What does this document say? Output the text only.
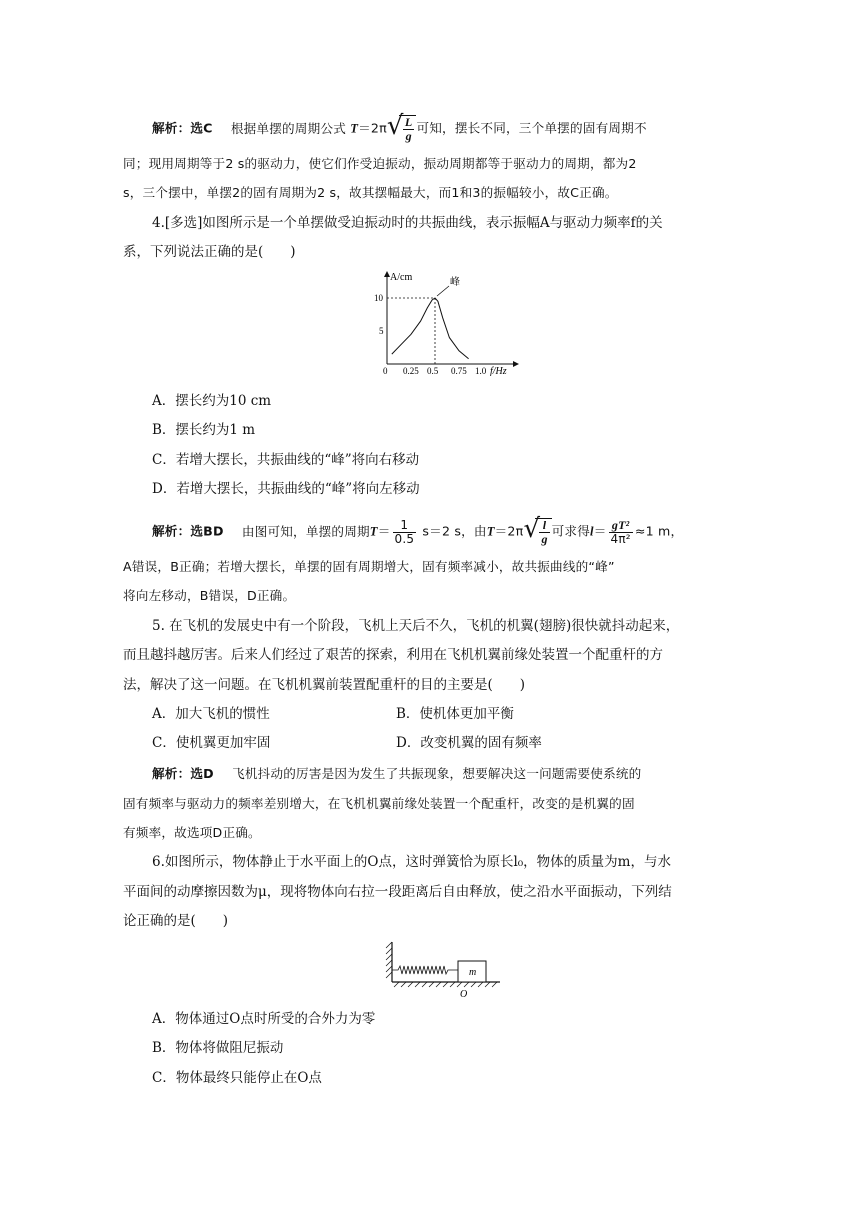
解析：选C 根据单摆的周期公式 T＝2π √ $\frac{L}{g}$ 可知，摆长不同，三个单摆的固有周期不
同；现用周期等于2 s的驱动力，使它们作受迫振动，振动周期都等于驱动力的周期，都为2
s，三个摆中，单摆2的固有周期为2 s，故其摆幅最大，而1和3的振幅较小，故C正确。
4.[多选]如图所示是一个单摆做受迫振动时的共振曲线，表示振幅A与驱动力频率f的关
系，下列说法正确的是(　　)
A/cm
f/Hz
0 0.25 0.5 0.75 1.0
5
10
峰
A．摆长约为10 cm
B．摆长约为1 m
C．若增大摆长，共振曲线的“峰”将向右移动
D．若增大摆长，共振曲线的“峰”将向左移动
解析：选BD 由图可知，单摆的周期$T= \frac{1}{0.5} s=2$ s，由T＝2π √ $\frac{l}{g}$ 可求得$l= \frac{\text{gT²}}{\text{4π²}} \approx 1$ m，
A错误，B正确；若增大摆长，单摆的固有周期增大，固有频率减小，故共振曲线的“峰”
将向左移动，B错误，D正确。
5. 在飞机的发展史中有一个阶段，飞机上天后不久，飞机的机翼(翅膀)很快就抖动起来，
而且越抖越厉害。后来人们经过了艰苦的探索，利用在飞机机翼前缘处装置一个配重杆的方
法，解决了这一问题。在飞机机翼前装置配重杆的目的主要是(　　)
A．加大飞机的惯性	B．使机体更加平衡
C．使机翼更加牢固	D．改变机翼的固有频率
解析：选D 飞机抖动的厉害是因为发生了共振现象，想要解决这一问题需要使系统的
固有频率与驱动力的频率差别增大，在飞机机翼前缘处装置一个配重杆，改变的是机翼的固
有频率，故选项D正确。
6.如图所示，物体静止于水平面上的O点，这时弹簧恰为原长l₀，物体的质量为m，与水
平面间的动摩擦因数为μ，现将物体向右拉一段距离后自由释放，使之沿水平面振动，下列结
论正确的是(　　)
m
O
A．物体通过O点时所受的合外力为零
B．物体将做阻尼振动
C．物体最终只能停止在O点
